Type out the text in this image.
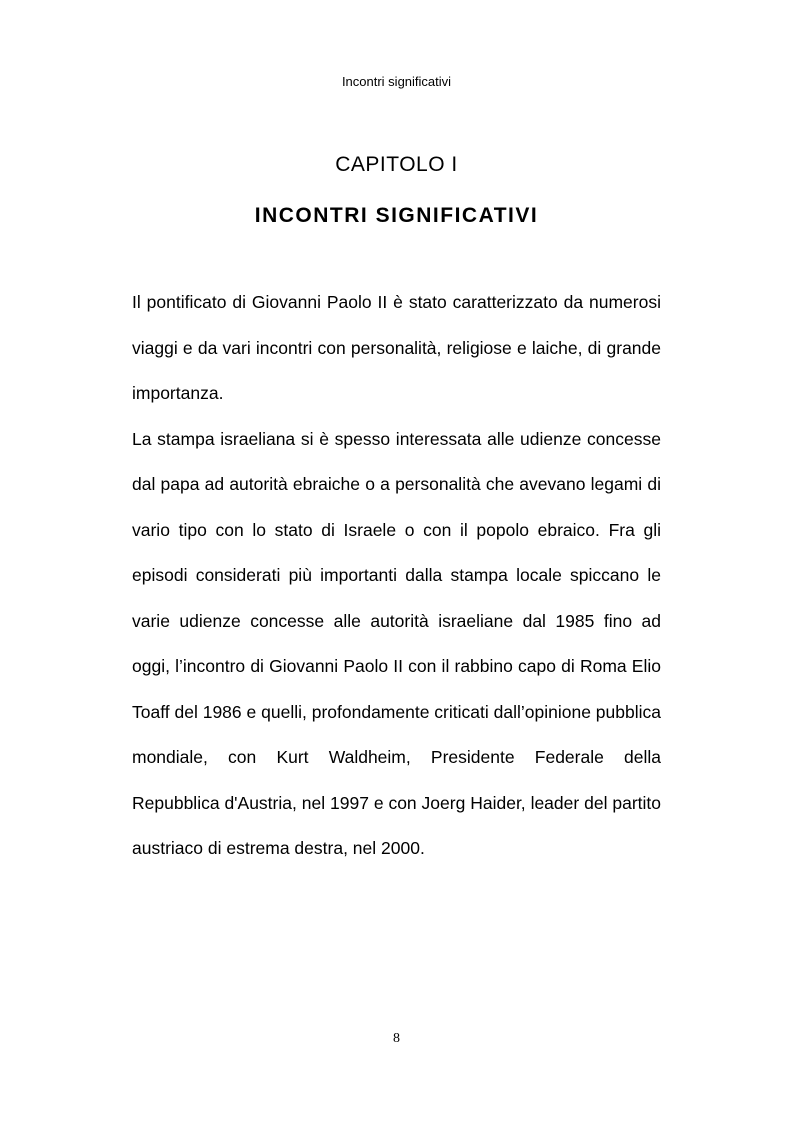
Incontri significativi
CAPITOLO I
INCONTRI SIGNIFICATIVI

Il pontificato di Giovanni Paolo II è stato caratterizzato da numerosi viaggi e da vari incontri con personalità, religiose e laiche, di grande importanza.

La stampa israeliana si è spesso interessata alle udienze concesse dal papa ad autorità ebraiche o a personalità che avevano legami di vario tipo con lo stato di Israele o con il popolo ebraico. Fra gli episodi considerati più importanti dalla stampa locale spiccano le varie udienze concesse alle autorità israeliane dal 1985 fino ad oggi, l’incontro di Giovanni Paolo II con il rabbino capo di Roma Elio Toaff del 1986 e quelli, profondamente criticati dall’opinione pubblica mondiale, con Kurt Waldheim, Presidente Federale della Repubblica d'Austria, nel 1997 e con Joerg Haider, leader del partito austriaco di estrema destra, nel 2000.

8
